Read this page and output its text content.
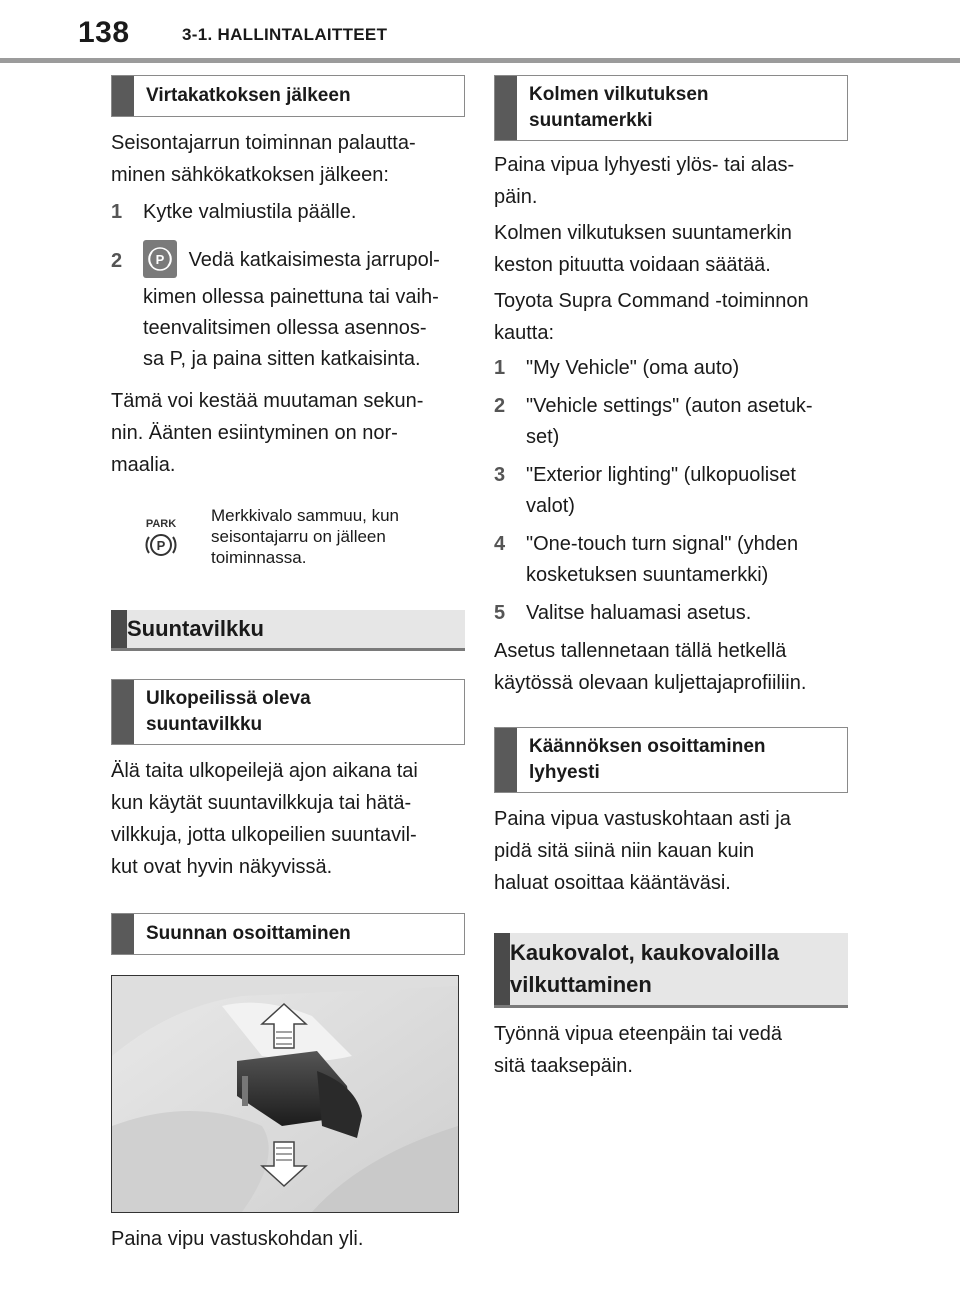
138	3-1. HALLINTALAITTEET
Virtakatkoksen jälkeen

Seisontajarrun toiminnan palautta-

minen sähkökatkoksen jälkeen:

1	Kytke valmiustila päälle.
2	P Vedä katkaisimesta jarrupol-
kimen ollessa painettuna tai vaih-
teenvalitsimen ollessa asennos-
sa P, ja paina sitten katkaisinta.

Tämä voi kestää muutaman sekun-

nin. Äänten esiintyminen on nor-

maalia.

PARK
P
Merkkivalo sammuu, kun
seisontajarru on jälleen
toiminnassa.
Suuntavilkku
Ulkopeilissä oleva
suuntavilkku

Älä taita ulkopeilejä ajon aikana tai

kun käytät suuntavilkkuja tai hätä-

vilkkuja, jotta ulkopeilien suuntavil-

kut ovat hyvin näkyvissä.

Suunnan osoittaminen

Paina vipu vastuskohdan yli.

Kolmen vilkutuksen
suuntamerkki

Paina vipua lyhyesti ylös- tai alas-

päin.

Kolmen vilkutuksen suuntamerkin

keston pituutta voidaan säätää.

Toyota Supra Command -toiminnon

kautta:

1	"My Vehicle" (oma auto)
2	"Vehicle settings" (auton asetuk-
set)
3	"Exterior lighting" (ulkopuoliset
valot)
4	"One-touch turn signal" (yhden
kosketuksen suuntamerkki)
5	Valitse haluamasi asetus.

Asetus tallennetaan tällä hetkellä

käytössä olevaan kuljettajaprofiiliin.

Käännöksen osoittaminen
lyhyesti

Paina vipua vastuskohtaan asti ja

pidä sitä siinä niin kauan kuin

haluat osoittaa kääntäväsi.

Kaukovalot, kaukovaloilla
vilkuttaminen

Työnnä vipua eteenpäin tai vedä

sitä taaksepäin.
